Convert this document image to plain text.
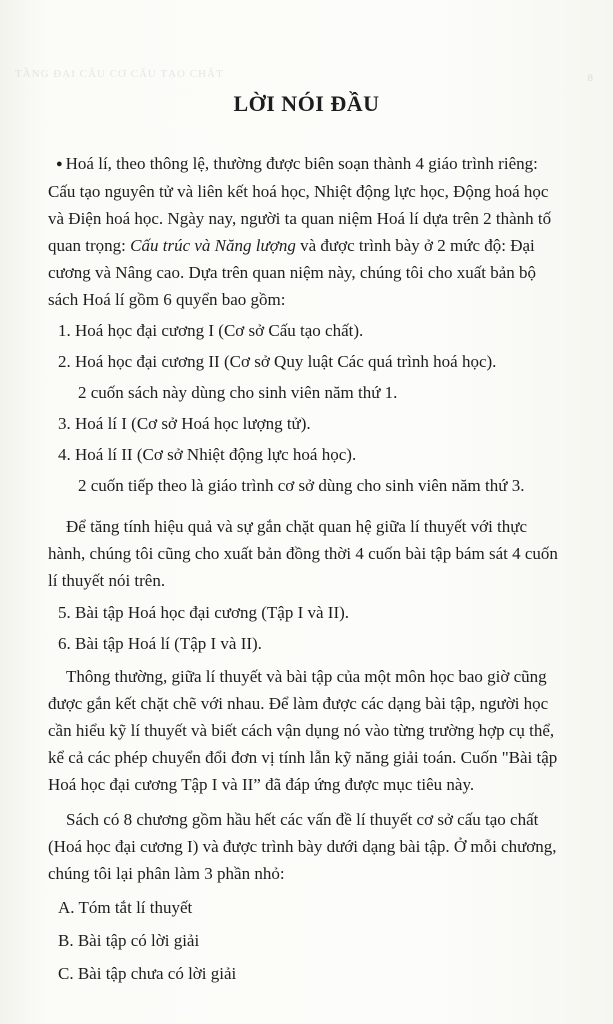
TẦNG ĐẠI CẤU CƠ CẤU TẠO CHẤT	8
LỜI NÓI ĐẦU
● Hoá lí, theo thông lệ, thường được biên soạn thành 4 giáo trình riêng:
Cấu tạo nguyên tử và liên kết hoá học, Nhiệt động lực học, Động hoá học
và Điện hoá học. Ngày nay, người ta quan niệm Hoá lí dựa trên 2 thành tố
quan trọng: Cấu trúc và Năng lượng và được trình bày ở 2 mức độ: Đại
cương và Nâng cao. Dựa trên quan niệm này, chúng tôi cho xuất bản bộ
sách Hoá lí gồm 6 quyển bao gồm:
1. Hoá học đại cương I (Cơ sở Cấu tạo chất).
2. Hoá học đại cương II (Cơ sở Quy luật Các quá trình hoá học).
2 cuốn sách này dùng cho sinh viên năm thứ 1.
3. Hoá lí I (Cơ sở Hoá học lượng tử).
4. Hoá lí II (Cơ sở Nhiệt động lực hoá học).
2 cuốn tiếp theo là giáo trình cơ sở dùng cho sinh viên năm thứ 3.
Để tăng tính hiệu quả và sự gắn chặt quan hệ giữa lí thuyết với thực
hành, chúng tôi cũng cho xuất bản đồng thời 4 cuốn bài tập bám sát 4 cuốn
lí thuyết nói trên.
5. Bài tập Hoá học đại cương (Tập I và II).
6. Bài tập Hoá lí (Tập I và II).
Thông thường, giữa lí thuyết và bài tập của một môn học bao giờ cũng
được gắn kết chặt chẽ với nhau. Để làm được các dạng bài tập, người học
cần hiểu kỹ lí thuyết và biết cách vận dụng nó vào từng trường hợp cụ thể,
kể cả các phép chuyển đổi đơn vị tính lẫn kỹ năng giải toán. Cuốn "Bài tập
Hoá học đại cương Tập I và II” đã đáp ứng được mục tiêu này.
Sách có 8 chương gồm hầu hết các vấn đề lí thuyết cơ sở cấu tạo chất
(Hoá học đại cương I) và được trình bày dưới dạng bài tập. Ở mỗi chương,
chúng tôi lại phân làm 3 phần nhỏ:
A. Tóm tắt lí thuyết
B. Bài tập có lời giải
C. Bài tập chưa có lời giải
